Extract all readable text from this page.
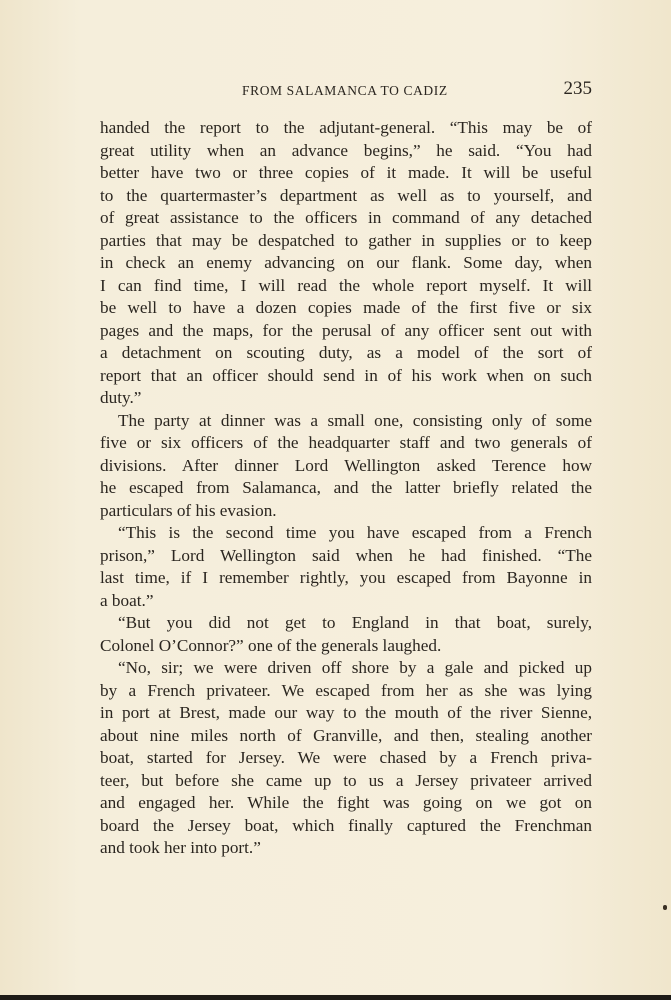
FROM SALAMANCA TO CADIZ	235
handed the report to the adjutant-general. “This may be of
great utility when an advance begins,” he said. “You had
better have two or three copies of it made. It will be useful
to the quartermaster’s department as well as to yourself, and
of great assistance to the officers in command of any detached
parties that may be despatched to gather in supplies or to keep
in check an enemy advancing on our flank. Some day, when
I can find time, I will read the whole report myself. It will
be well to have a dozen copies made of the first five or six
pages and the maps, for the perusal of any officer sent out with
a detachment on scouting duty, as a model of the sort of
report that an officer should send in of his work when on such
duty.”
The party at dinner was a small one, consisting only of some
five or six officers of the headquarter staff and two generals of
divisions. After dinner Lord Wellington asked Terence how
he escaped from Salamanca, and the latter briefly related the
particulars of his evasion.
“This is the second time you have escaped from a French
prison,” Lord Wellington said when he had finished. “The
last time, if I remember rightly, you escaped from Bayonne in
a boat.”
“But you did not get to England in that boat, surely,
Colonel O’Connor?” one of the generals laughed.
“No, sir; we were driven off shore by a gale and picked up
by a French privateer. We escaped from her as she was lying
in port at Brest, made our way to the mouth of the river Sienne,
about nine miles north of Granville, and then, stealing another
boat, started for Jersey. We were chased by a French priva-
teer, but before she came up to us a Jersey privateer arrived
and engaged her. While the fight was going on we got on
board the Jersey boat, which finally captured the Frenchman
and took her into port.”
